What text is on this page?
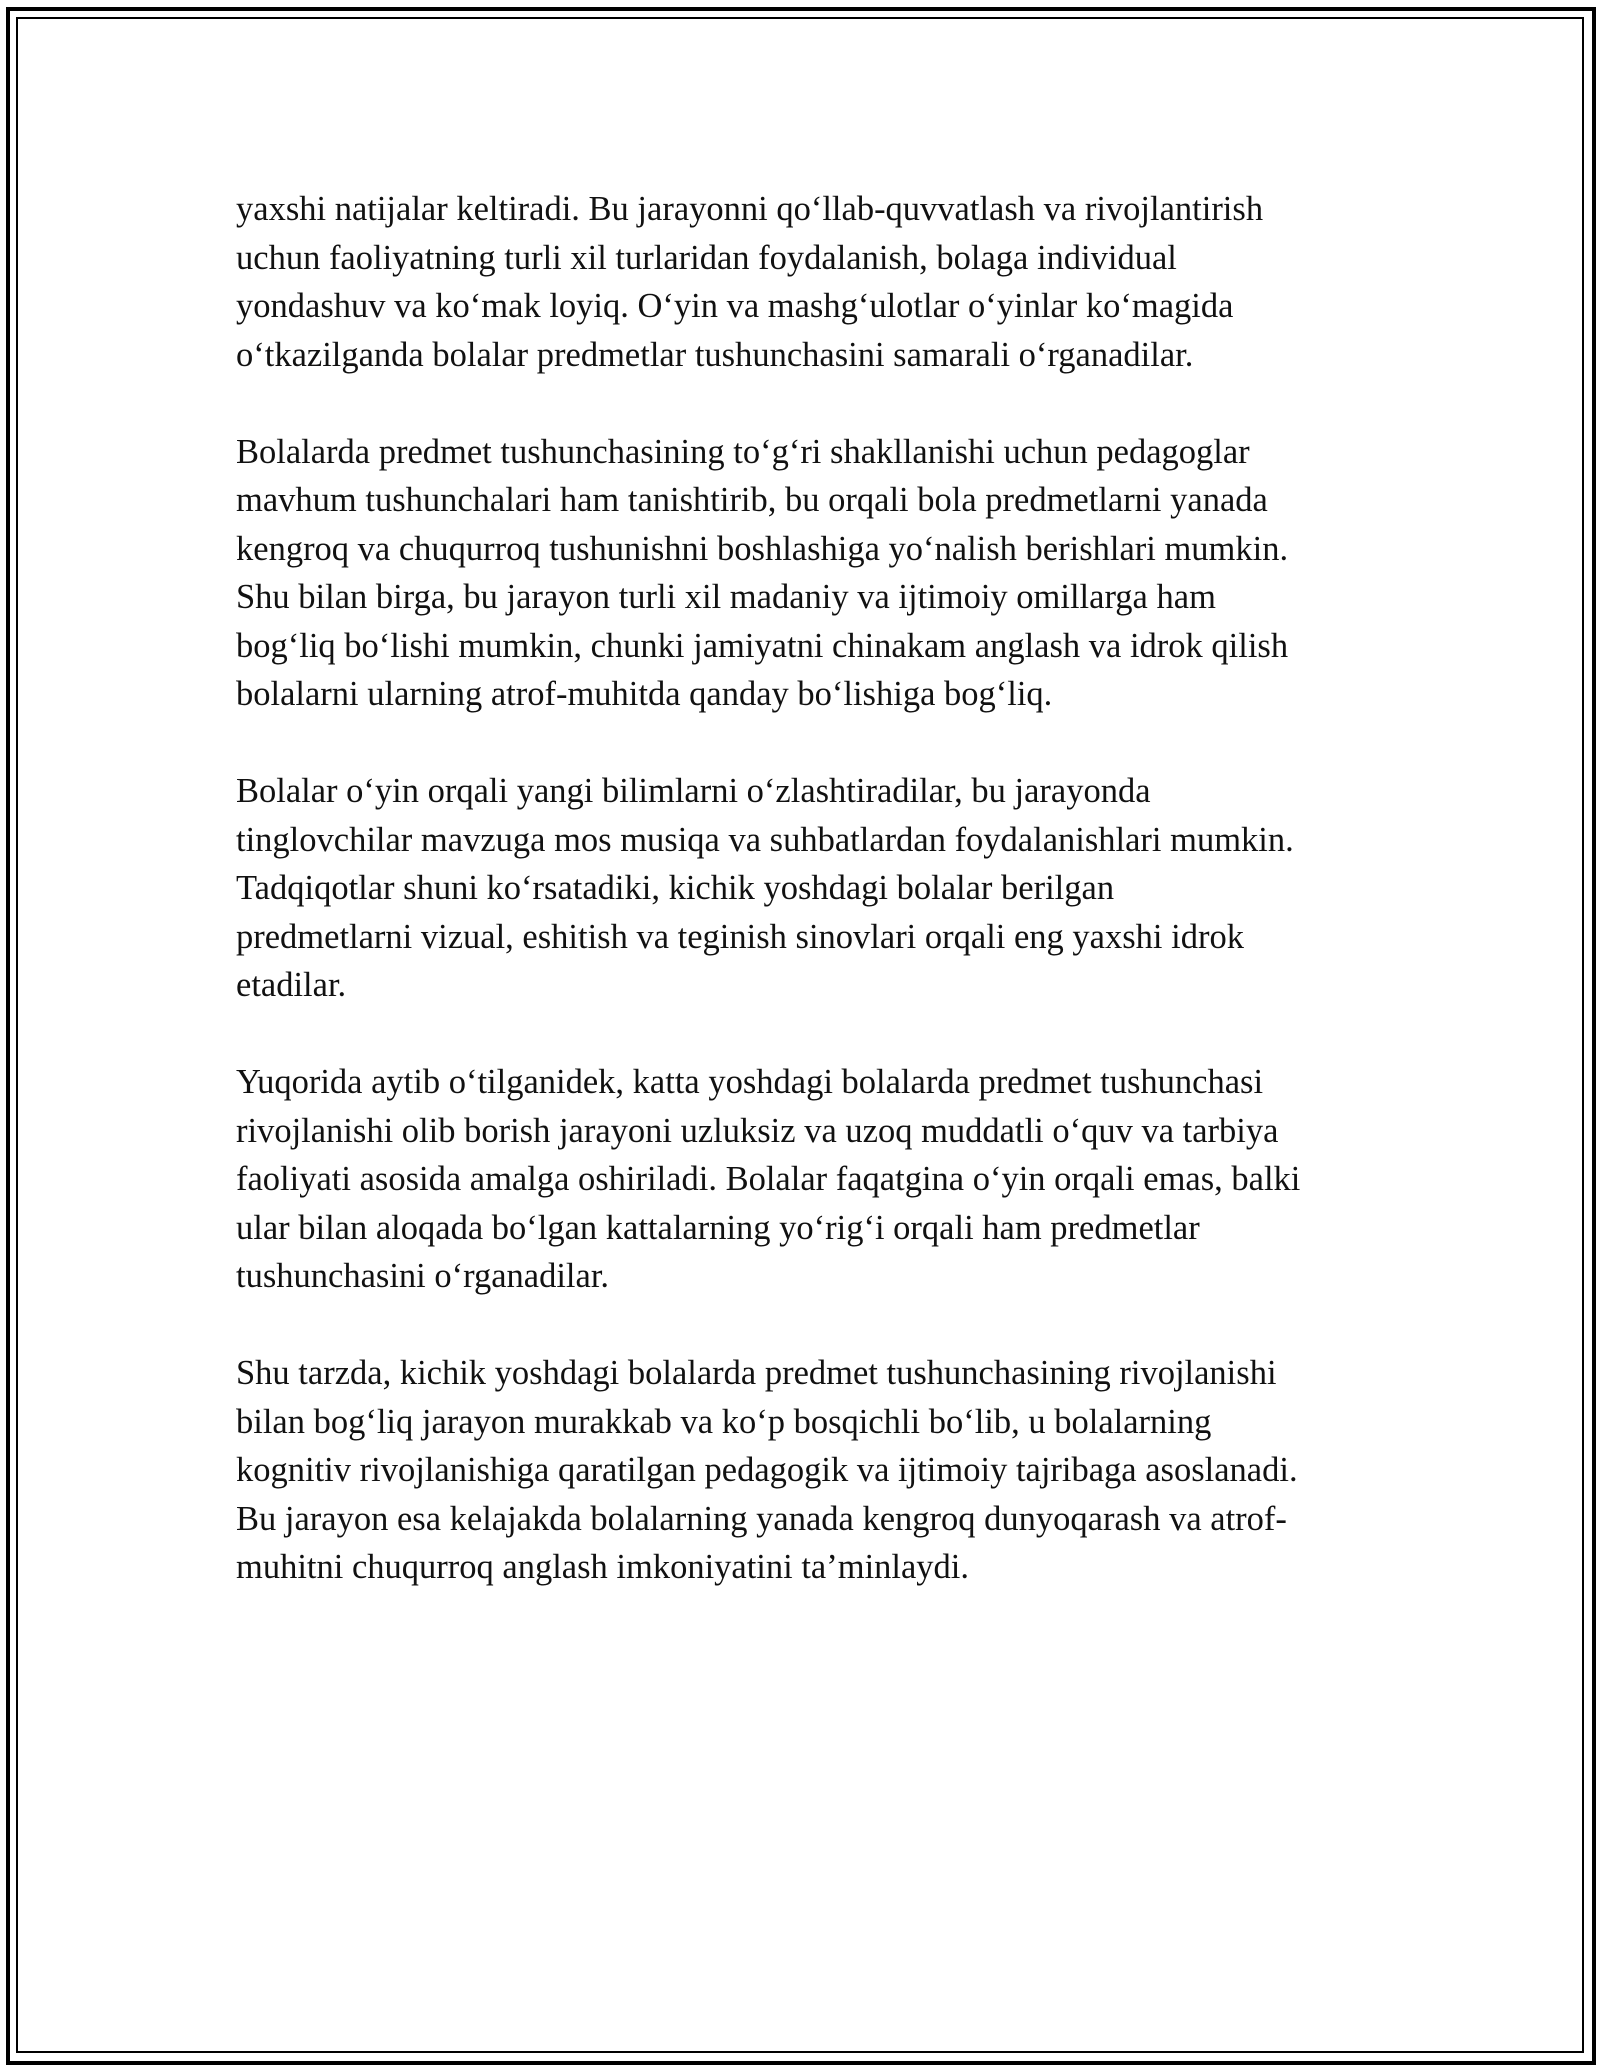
yaxshi natijalar keltiradi. Bu jarayonni qo‘llab-quvvatlash va rivojlantirish
uchun faoliyatning turli xil turlaridan foydalanish, bolaga individual
yondashuv va ko‘mak loyiq. O‘yin va mashg‘ulotlar o‘yinlar ko‘magida
o‘tkazilganda bolalar predmetlar tushunchasini samarali o‘rganadilar.

Bolalarda predmet tushunchasining to‘g‘ri shakllanishi uchun pedagoglar
mavhum tushunchalari ham tanishtirib, bu orqali bola predmetlarni yanada
kengroq va chuqurroq tushunishni boshlashiga yo‘nalish berishlari mumkin.
Shu bilan birga, bu jarayon turli xil madaniy va ijtimoiy omillarga ham
bog‘liq bo‘lishi mumkin, chunki jamiyatni chinakam anglash va idrok qilish
bolalarni ularning atrof-muhitda qanday bo‘lishiga bog‘liq.

Bolalar o‘yin orqali yangi bilimlarni o‘zlashtiradilar, bu jarayonda
tinglovchilar mavzuga mos musiqa va suhbatlardan foydalanishlari mumkin.
Tadqiqotlar shuni ko‘rsatadiki, kichik yoshdagi bolalar berilgan
predmetlarni vizual, eshitish va teginish sinovlari orqali eng yaxshi idrok
etadilar.

Yuqorida aytib o‘tilganidek, katta yoshdagi bolalarda predmet tushunchasi
rivojlanishi olib borish jarayoni uzluksiz va uzoq muddatli o‘quv va tarbiya
faoliyati asosida amalga oshiriladi. Bolalar faqatgina o‘yin orqali emas, balki
ular bilan aloqada bo‘lgan kattalarning yo‘rig‘i orqali ham predmetlar
tushunchasini o‘rganadilar.

Shu tarzda, kichik yoshdagi bolalarda predmet tushunchasining rivojlanishi
bilan bog‘liq jarayon murakkab va ko‘p bosqichli bo‘lib, u bolalarning
kognitiv rivojlanishiga qaratilgan pedagogik va ijtimoiy tajribaga asoslanadi.
Bu jarayon esa kelajakda bolalarning yanada kengroq dunyoqarash va atrof-
muhitni chuqurroq anglash imkoniyatini ta’minlaydi.
